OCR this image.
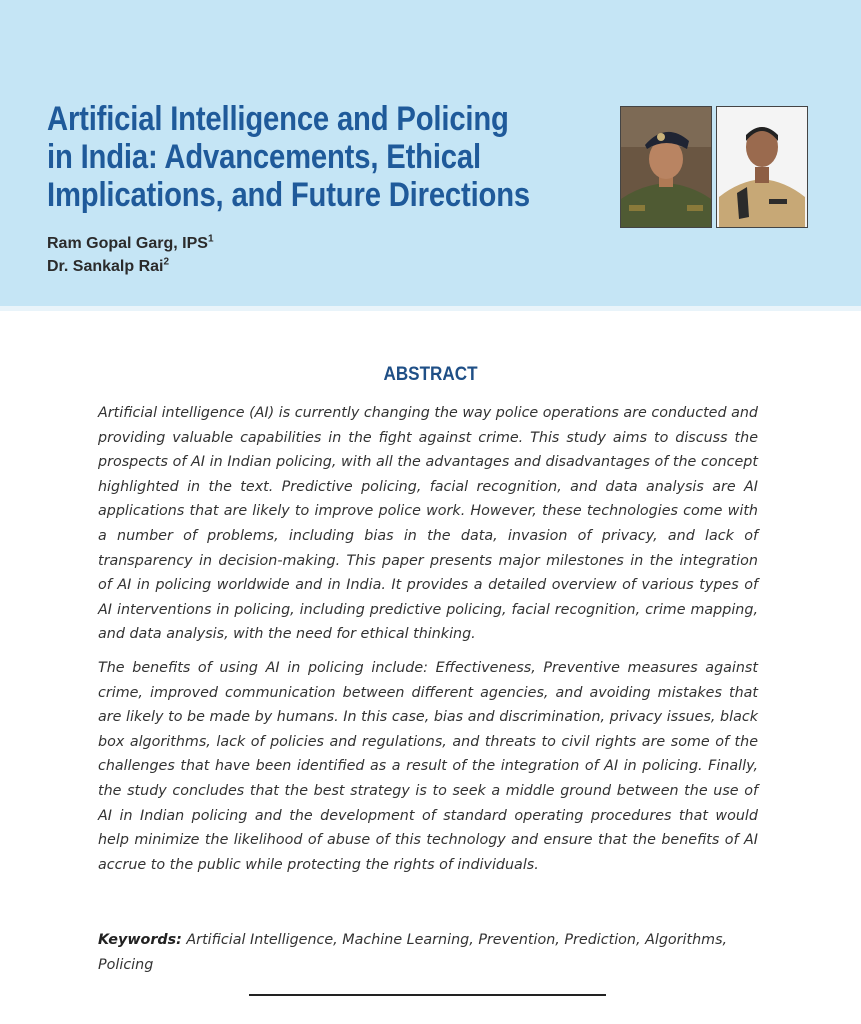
Artificial Intelligence and Policing
in India: Advancements, Ethical
Implications, and Future Directions
Ram Gopal Garg, IPS$^1$
Dr. Sankalp Rai$^2$
ABSTRACT

Artificial intelligence (AI) is currently changing the way police operations are conducted and providing valuable capabilities in the fight against crime. This study aims to discuss the prospects of AI in Indian policing, with all the advantages and disadvantages of the concept highlighted in the text. Predictive policing, facial recognition, and data analysis are AI applications that are likely to improve police work. However, these technologies come with a number of problems, including bias in the data, invasion of privacy, and lack of transparency in decision-making. This paper presents major milestones in the integration of AI in policing worldwide and in India. It provides a detailed overview of various types of AI interventions in policing, including predictive policing, facial recognition, crime mapping, and data analysis, with the need for ethical thinking.

The benefits of using AI in policing include: Effectiveness, Preventive measures against crime, improved communication between different agencies, and avoiding mistakes that are likely to be made by humans. In this case, bias and discrimination, privacy issues, black box algorithms, lack of policies and regulations, and threats to civil rights are some of the challenges that have been identified as a result of the integration of AI in policing. Finally, the study concludes that the best strategy is to seek a middle ground between the use of AI in Indian policing and the development of standard operating procedures that would help minimize the likelihood of abuse of this technology and ensure that the benefits of AI accrue to the public while protecting the rights of individuals.

Keywords: Artificial Intelligence, Machine Learning, Prevention, Prediction, Algorithms, Policing
